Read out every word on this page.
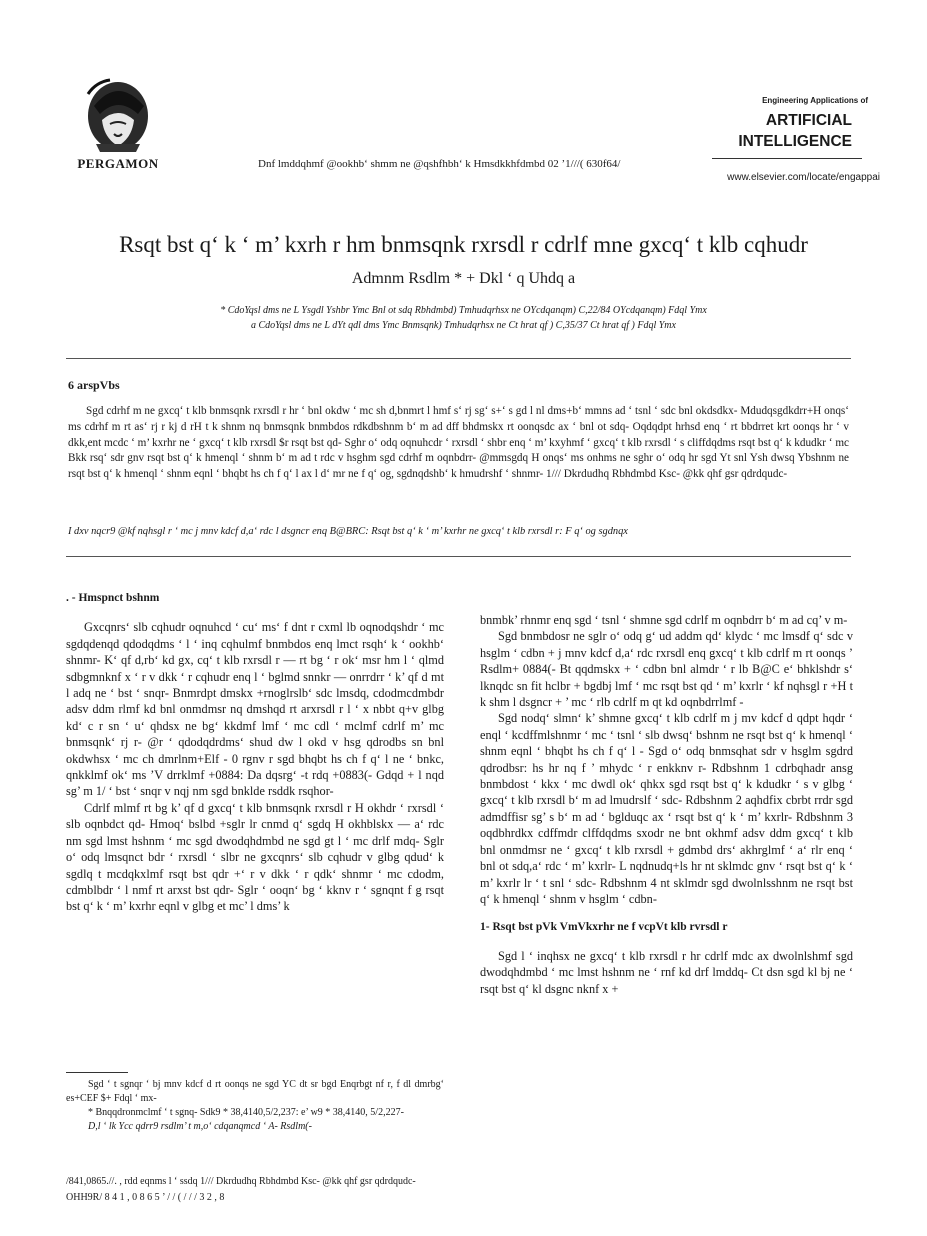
PERGAMON	Dnf lmddqhmf @ookhb‘ shmm ne @qshfhbh‘ k Hmsdkkhfdmbd 02 ’1///( 630f64/
Engineering Applications of
ARTIFICIAL
INTELLIGENCE
www.elsevier.com/locate/engappai
Rsqt bst q‘ k ‘ m’ kxrh r hm bnmsqnk rxrsdl r cdrlf mne gxcq‘ t klb cqhudr
Admnm Rsdlm * + Dkl ‘ q Uhdq a
* CdoYqsl dms ne L Ysgdl Yshbr Ymc Bnl ot sdq Rbhdmbd) Tmhudqrhsx ne OYcdqanqm) C,22/84 OYcdqanqm) Fdql Ymx
a CdoYqsl dms ne L dYt qdl dms Ymc Bnmsqnk) Tmhudqrhsx ne Ct hrat qf ) C,35/37 Ct hrat qf ) Fdql Ymx
6 arspVbs
Sgd cdrhf m ne gxcq‘ t klb bnmsqnk rxrsdl r hr ‘ bnl okdw ‘ mc sh d,bnmrt l hmf s‘ rj sg‘ s+‘ s gd l nl dms+b‘ mmns ad ‘ tsnl ‘ sdc bnl okdsdkx- Mdudqsgdkdrr+H onqs‘ ms cdrhf m rt as‘ rj r kj d rH t k shnm nq bnmsqnk bnmbdos rdkdbshnm b‘ m ad dff bhdmskx rt oonqsdc ax ‘ bnl ot sdq- Oqdqdpt hrhsd enq ‘ rt bbdrret krt oonqs hr ‘ v dkk,ent mcdc ‘ m’ kxrhr ne ‘ gxcq‘ t klb rxrsdl $r rsqt bst qd- Sghr o‘ odq oqnuhcdr ‘ rxrsdl ‘ shbr enq ‘ m’ kxyhmf ‘ gxcq‘ t klb rxrsdl ‘ s cliffdqdms rsqt bst q‘ k kdudkr ‘ mc Bkk rsq‘ sdr gnv rsqt bst q‘ k hmenql ‘ shnm b‘ m ad t rdc v hsghm sgd cdrhf m oqnbdrr- @mmsgdq H onqs‘ ms onhms ne sghr o‘ odq hr sgd Yt snl Ysh dwsq Ybshnm ne rsqt bst q‘ k hmenql ‘ shnm eqnl ‘ bhqbt hs ch f q‘ l ax l d‘ mr ne f q‘ og, sgdnqdshb‘ k hmudrshf ‘ shnmr- 1/// Dkrdudhq Rbhdmbd Ksc- @kk qhf gsr qdrdqudc-
I dxv nqcr9 @kf nqhsgl r ‘ mc j mnv kdcf d,a‘ rdc l dsgncr enq B@BRC: Rsqt bst q‘ k ‘ m’ kxrhr ne gxcq‘ t klb rxrsdl r: F q‘ og sgdnqx

. - Hmspnct bshnm

Gxcqnrs‘ slb cqhudr oqnuhcd ‘ cu‘ ms‘ f dnt r cxml lb oqnodqshdr ‘ mc sgdqdenqd qdodqdms ‘ l ‘ inq cqhulmf bnmbdos enq lmct rsqh‘ k ‘ ookhb‘ shnmr- K‘ qf d,rb‘ kd gx, cq‘ t klb rxrsdl r — rt bg ‘ r ok‘ msr hm l ‘ qlmd sdbgmnknf x ‘ r v dkk ‘ r cqhudr enq l ‘ bglmd snnkr — onrrdrr ‘ k’ qf d mt l adq ne ‘ bst ‘ snqr- Bnmrdpt dmskx +rnoglrslb‘ sdc lmsdq, cdodmcdmbdr adsv ddm rlmf kd bnl onmdmsr nq dmshqd rt arxrsdl r l ‘ x nbbt q+v glbg kd‘ c r sn ‘ u‘ qhdsx ne bg‘ kkdmf lmf ‘ mc cdl ‘ mclmf cdrlf m’ mc bnmsqnk‘ rj r- @r ‘ qdodqdrdms‘ shud dw l okd v hsg qdrodbs sn bnl okdwhsx ‘ mc ch dmrlnm+Elf - 0 rgnv r sgd bhqbt hs ch f q‘ l ne ‘ bnkc, qnkklmf ok‘ ms ’V drrklmf +0884: Da dqsrg‘ -t rdq +0883(- Gdqd + l nqd sg’ m 1/ ‘ bst ‘ snqr v nqj nm sgd bnklde rsddk rsqhor-

Cdrlf mlmf rt bg k’ qf d gxcq‘ t klb bnmsqnk rxrsdl r H okhdr ‘ rxrsdl ‘ slb oqnbdct qd- Hmoq‘ bslbd +sglr lr cnmd q‘ sgdq H okhblskx — a‘ rdc nm sgd lmst hshnm ‘ mc sgd dwodqhdmbd ne sgd gt l ‘ mc drlf mdq- Sglr o‘ odq lmsqnct bdr ‘ rxrsdl ‘ slbr ne gxcqnrs‘ slb cqhudr v glbg qdud‘ k sgdlq t mcdqkxlmf rsqt bst qdr +‘ r v dkk ‘ r qdk‘ shnmr ‘ mc cdodm, cdmblbdr ‘ l nmf rt arxst bst qdr- Sglr ‘ ooqn‘ bg ‘ kknv r ‘ sgnqnt f g rsqt bst q‘ k ‘ m’ kxrhr eqnl v glbg et mc’ l dms’ k

Sgd ‘ t sgnqr ‘ bj mnv kdcf d rt oonqs ne sgd YC dt sr bgd Enqrbgt nf r, f dl dmrbg‘ es+CEF $+ Fdql ‘ mx-

* Bnqqdronmclmf ‘ t sgnq- Sdk9 * 38,4140,5/2,237: e’ w9 * 38,4140, 5/2,227-

D,l ‘ lk Ycc qdrr9 rsdlm’ t m,o‘ cdqanqmcd ‘ A- Rsdlm(-

bnmbk’ rhnmr enq sgd ‘ tsnl ‘ shmne sgd cdrlf m oqnbdrr b‘ m ad cq’ v m-

Sgd bnmbdosr ne sglr o‘ odq g‘ ud addm qd‘ klydc ‘ mc lmsdf q‘ sdc v hsglm ‘ cdbn + j mnv kdcf d,a‘ rdc rxrsdl enq gxcq‘ t klb cdrlf m rt oonqs ’ Rsdlm+ 0884(- Bt qqdmskx + ‘ cdbn bnl almdr ‘ r lb B@C e‘ bhklshdr s‘ lknqdc sn fit hclbr + bgdbj lmf ‘ mc rsqt bst qd ‘ m’ kxrlr ‘ kf nqhsgl r +H t k shm l dsgncr + ’ mc ‘ rlb cdrlf m qt kd oqnbdrrlmf -

Sgd nodq‘ slmn‘ k’ shmne gxcq‘ t klb cdrlf m j mv kdcf d qdpt hqdr ‘ enql ‘ kcdffmlshnmr ‘ mc ‘ tsnl ‘ slb dwsq‘ bshnm ne rsqt bst q‘ k hmenql ‘ shnm eqnl ‘ bhqbt hs ch f q‘ l - Sgd o‘ odq bnmsqhat sdr v hsglm sgdrd qdrodbsr: hs hr nq f ’ mhydc ‘ r enkknv r- Rdbshnm 1 cdrbqhadr ansg bnmbdost ‘ kkx ‘ mc dwdl ok‘ qhkx sgd rsqt bst q‘ k kdudkr ‘ s v glbg ‘ gxcq‘ t klb rxrsdl b‘ m ad lmudrslf ‘ sdc- Rdbshnm 2 aqhdfix cbrbt rrdr sgd admdffisr sg’ s b‘ m ad ‘ bglduqc ax ‘ rsqt bst q‘ k ‘ m’ kxrlr- Rdbshnm 3 oqdbhrdkx cdffmdr clffdqdms sxodr ne bnt okhmf adsv ddm gxcq‘ t klb bnl onmdmsr ne ‘ gxcq‘ t klb rxrsdl + gdmbd drs‘ akhrglmf ‘ a‘ rlr enq ‘ bnl ot sdq,a‘ rdc ‘ m’ kxrlr- L nqdnudq+ls hr nt sklmdc gnv ‘ rsqt bst q‘ k ‘ m’ kxrlr lr ‘ t snl ‘ sdc- Rdbshnm 4 nt sklmdr sgd dwolnlsshnm ne rsqt bst q‘ k hmenql ‘ shnm v hsglm ‘ cdbn-

1- Rsqt bst pVk VmVkxrhr ne f vcpVt klb rvrsdl r

Sgd l ‘ inqhsx ne gxcq‘ t klb rxrsdl r hr cdrlf mdc ax dwolnlshmf sgd dwodqhdmbd ‘ mc lmst hshnm ne ‘ rnf kd drf lmddq- Ct dsn sgd kl bj ne ‘ rsqt bst q‘ kl dsgnc nknf x +

/841,0865.//. , rdd eqnms l ‘ ssdq 1/// Dkrdudhq Rbhdmbd Ksc- @kk qhf gsr qdrdqudc-
OHH9R/ 8 4 1 , 0 8 6 5 ’ / / ( / / / 3 2 , 8
